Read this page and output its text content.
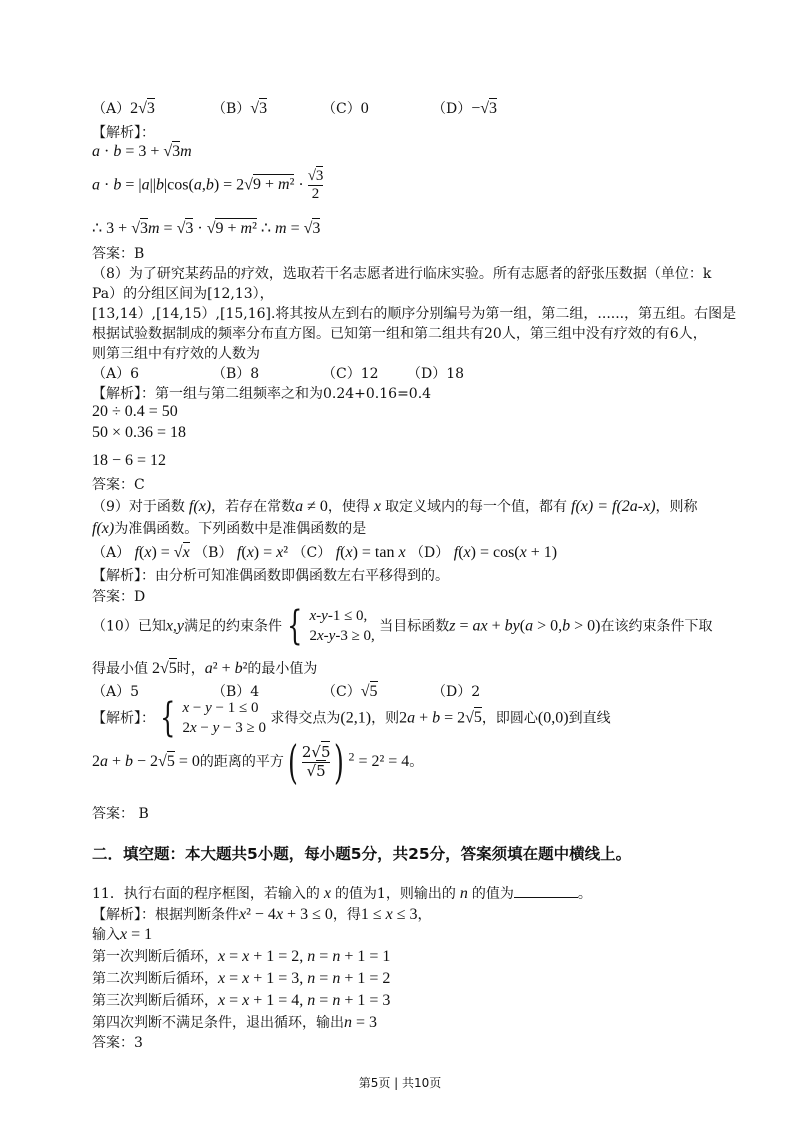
（A）2√3	（B）√3	（C）0	（D）−√3
【解析】：
a · b = 3 + √3m
$a \cdot b = |a||b|\cos(a,b) = 2√9 + m^2 \cdot \frac{√3}{2}$
∴ 3 + √3m = √3 · √9 + m² ∴ m = √3
答案：B
（8）为了研究某药品的疗效，选取若干名志愿者进行临床实验。所有志愿者的舒张压数据（单位：k
Pa）的分组区间为[12,13），
[13,14）,[14,15）,[15,16].将其按从左到右的顺序分别编号为第一组，第二组，......，第五组。右图是
根据试验数据制成的频率分布直方图。已知第一组和第二组共有20人，第三组中没有疗效的有6人，
则第三组中有疗效的人数为
（A）6	（B）8	（C）12 （D）18
【解析】：第一组与第二组频率之和为0.24+0.16=0.4
20 ÷ 0.4 = 50
50 × 0.36 = 18
18 − 6 = 12
答案：C
（9）对于函数 f(x)，若存在常数a ≠ 0，使得 x 取定义域内的每一个值，都有 f(x) = f(2a-x)，则称
f(x)为准偶函数。下列函数中是准偶函数的是
（A） f(x) = √x （B） f(x) = x² （C） f(x) = tan x （D） f(x) = cos(x + 1)
【解析】：由分析可知准偶函数即偶函数左右平移得到的。
答案：D
（10）已知x,y满足的约束条件 { x-y-1 ≤ 0,
2x-y-3 ≥ 0,
当目标函数z = ax + by(a > 0,b > 0)在该约束条件下取
得最小值 2√5时，a² + b²的最小值为
（A）5	（B）4	（C）√5	（D）2
【解析】： { x − y − 1 ≤ 0
2x − y − 3 ≥ 0
求得交点为(2,1)，则2a + b = 2√5，即圆心(0,0)到直线
2a + b − 2√5 = 0的距离的平方( $\frac{2√5}{√5}$ ) $^2$ = 2² = 4。
答案： B
二．填空题：本大题共5小题，每小题5分，共25分，答案须填在题中横线上。
11．执行右面的程序框图，若输入的 x 的值为1，则输出的 n 的值为	。
【解析】：根据判断条件x² − 4x + 3 ≤ 0，得1 ≤ x ≤ 3，
输入x = 1
第一次判断后循环，x = x + 1 = 2, n = n + 1 = 1
第二次判断后循环，x = x + 1 = 3, n = n + 1 = 2
第三次判断后循环，x = x + 1 = 4, n = n + 1 = 3
第四次判断不满足条件，退出循环，输出n = 3
答案：3
第5页 | 共10页
